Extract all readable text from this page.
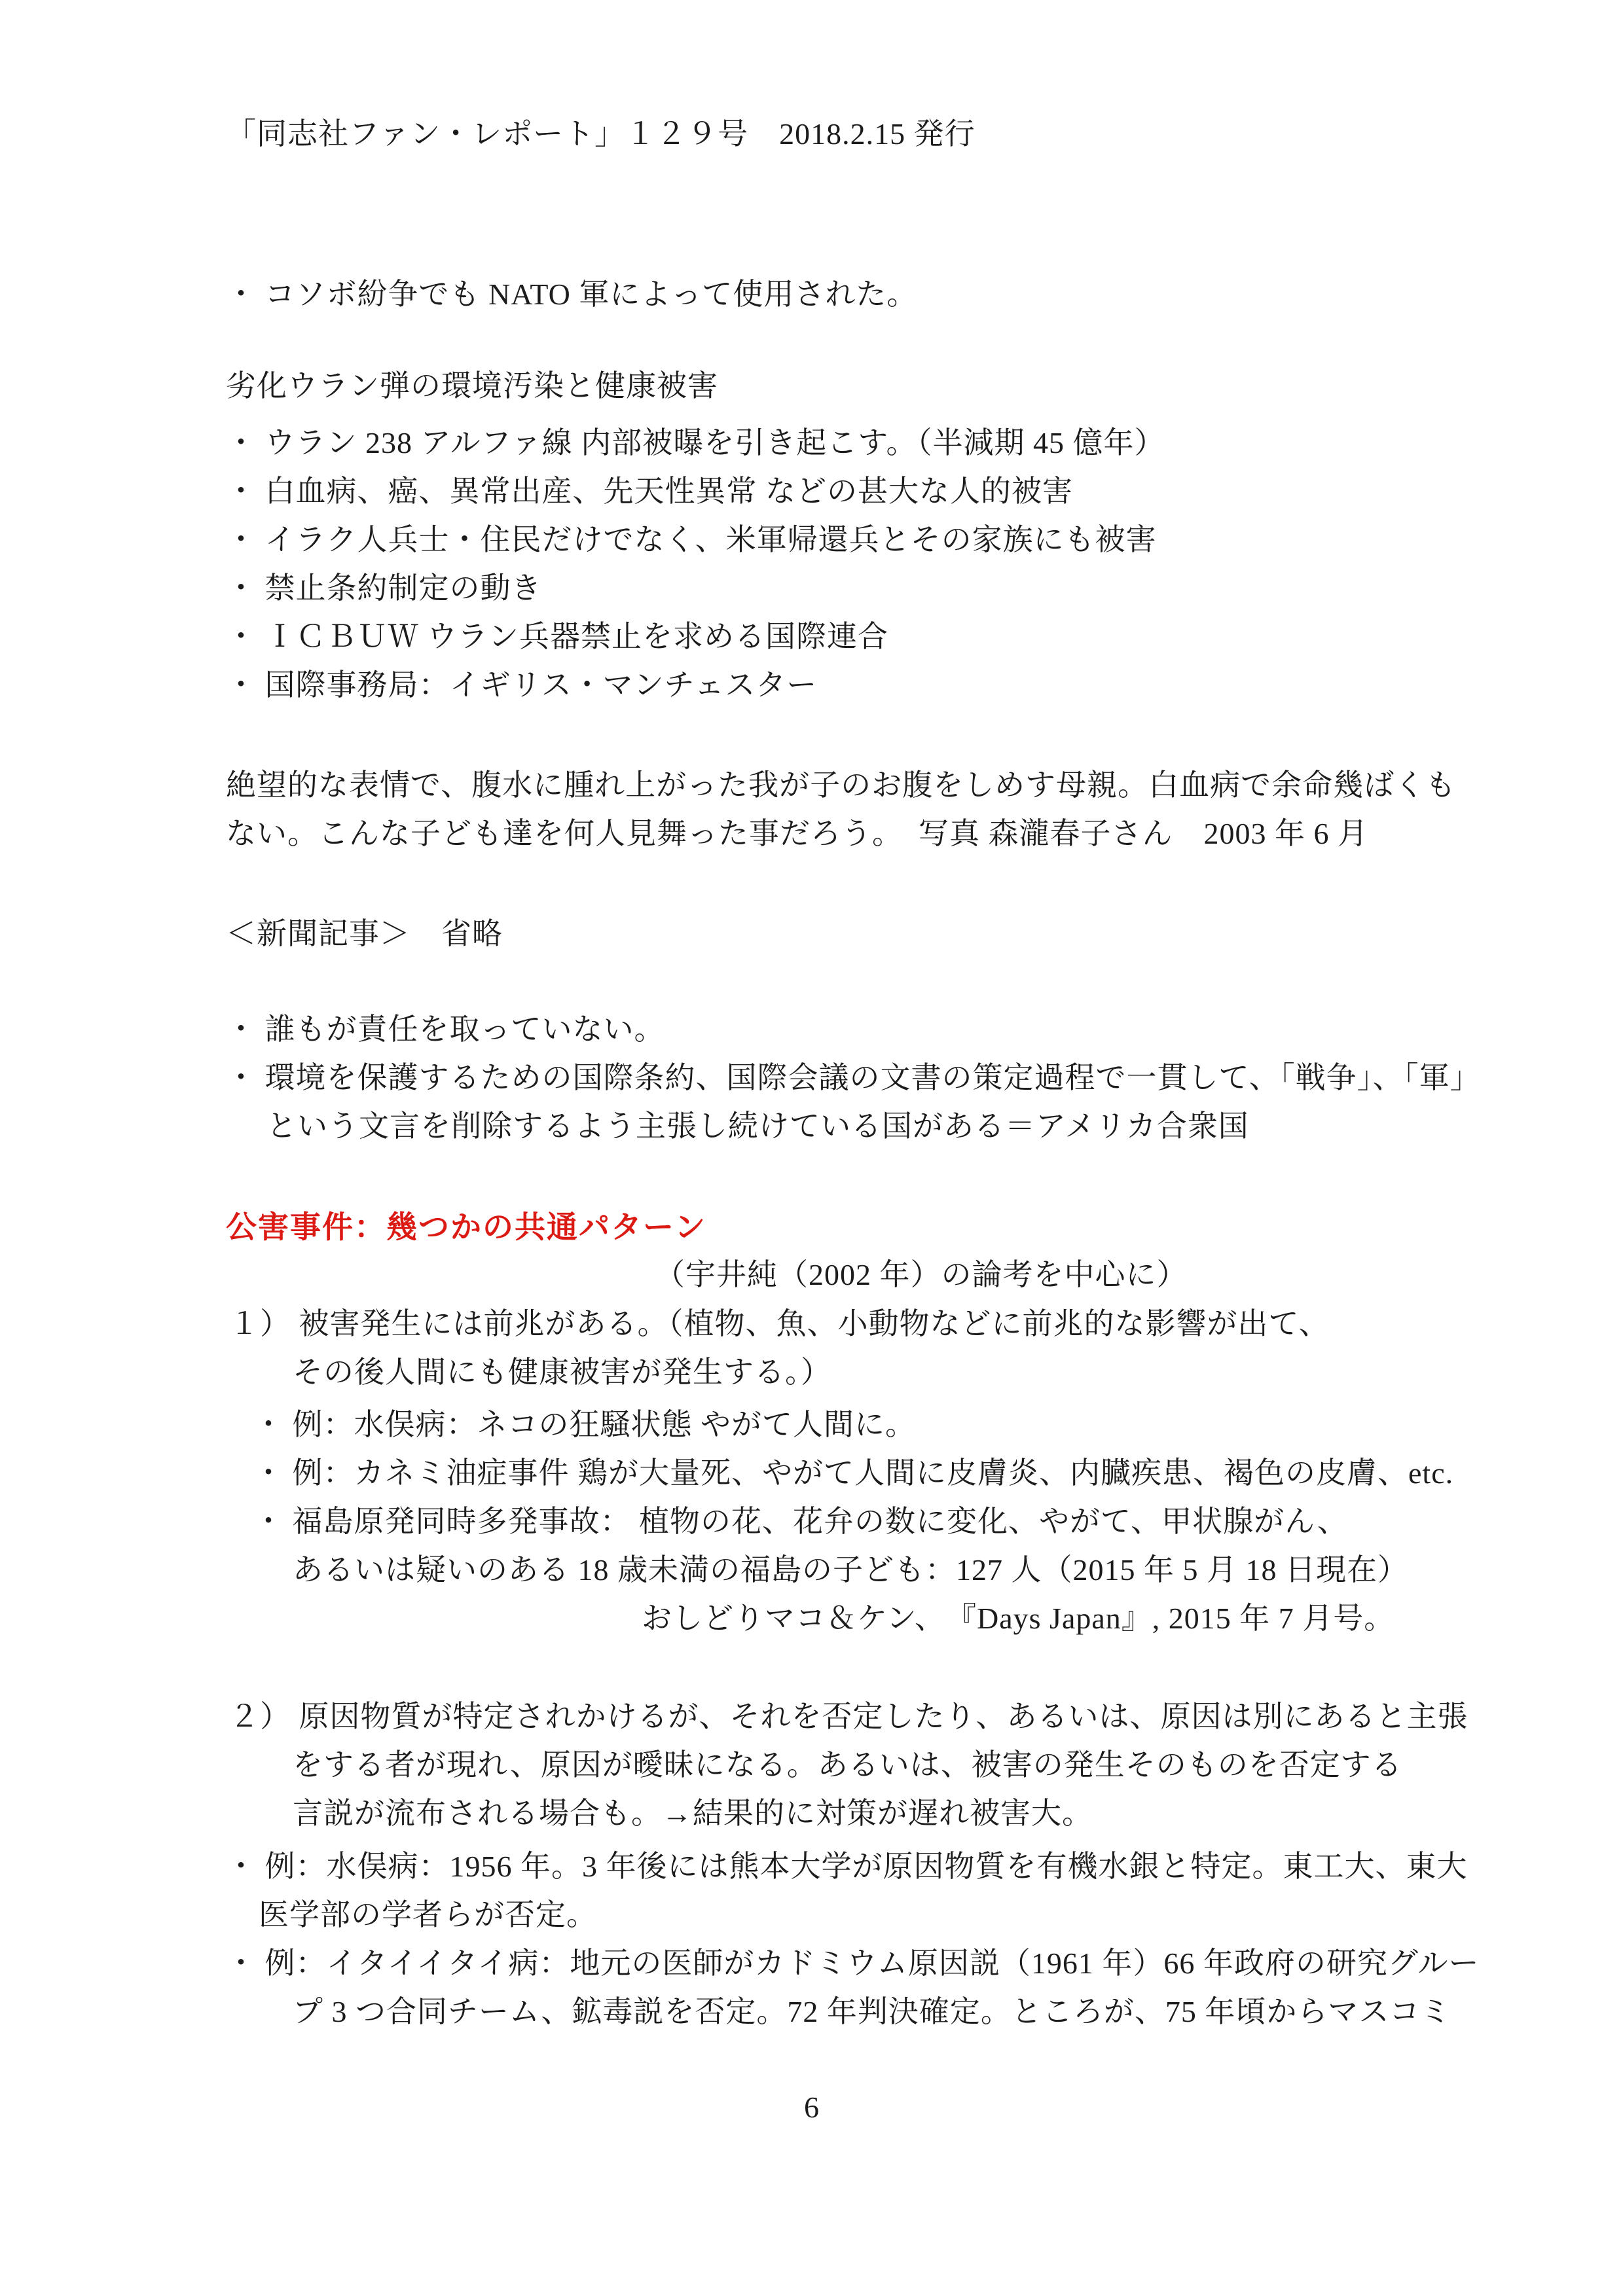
「同志社ファン・レポート」１２９号　2018.2.15 発行
・ コソボ紛争でも NATO 軍によって使用された。
劣化ウラン弾の環境汚染と健康被害
・ ウラン 238 アルファ線 内部被曝を引き起こす。（半減期 45 億年）
・ 白血病、癌、異常出産、先天性異常 などの甚大な人的被害
・ イラク人兵士・住民だけでなく、米軍帰還兵とその家族にも被害
・ 禁止条約制定の動き
・ ＩＣＢＵＷ ウラン兵器禁止を求める国際連合
・ 国際事務局：イギリス・マンチェスター
絶望的な表情で、腹水に腫れ上がった我が子のお腹をしめす母親。白血病で余命幾ばくも
ない。こんな子ども達を何人見舞った事だろう。　写真 森瀧春子さん　2003 年 6 月
＜新聞記事＞　省略
・ 誰もが責任を取っていない。
・ 環境を保護するための国際条約、国際会議の文書の策定過程で一貫して、「戦争」、「軍」
という文言を削除するよう主張し続けている国がある＝アメリカ合衆国
公害事件：幾つかの共通パターン
（宇井純（2002 年）の論考を中心に）
１） 被害発生には前兆がある。（植物、魚、小動物などに前兆的な影響が出て、
その後人間にも健康被害が発生する。）
・ 例：水俣病：ネコの狂騒状態 やがて人間に。
・ 例：カネミ油症事件 鶏が大量死、やがて人間に皮膚炎、内臓疾患、褐色の皮膚、etc.
・ 福島原発同時多発事故： 植物の花、花弁の数に変化、やがて、甲状腺がん、
あるいは疑いのある 18 歳未満の福島の子ども：127 人（2015 年 5 月 18 日現在）
おしどりマコ＆ケン、　『Days Japan』, 2015 年 7 月号。
２） 原因物質が特定されかけるが、それを否定したり、あるいは、原因は別にあると主張
をする者が現れ、原因が曖昧になる。あるいは、被害の発生そのものを否定する
言説が流布される場合も。→結果的に対策が遅れ被害大。
・ 例：水俣病：1956 年。3 年後には熊本大学が原因物質を有機水銀と特定。東工大、東大
医学部の学者らが否定。
・ 例：イタイイタイ病：地元の医師がカドミウム原因説（1961 年）66 年政府の研究グルー
プ 3 つ合同チーム、鉱毒説を否定。72 年判決確定。ところが、75 年頃からマスコミ
6
